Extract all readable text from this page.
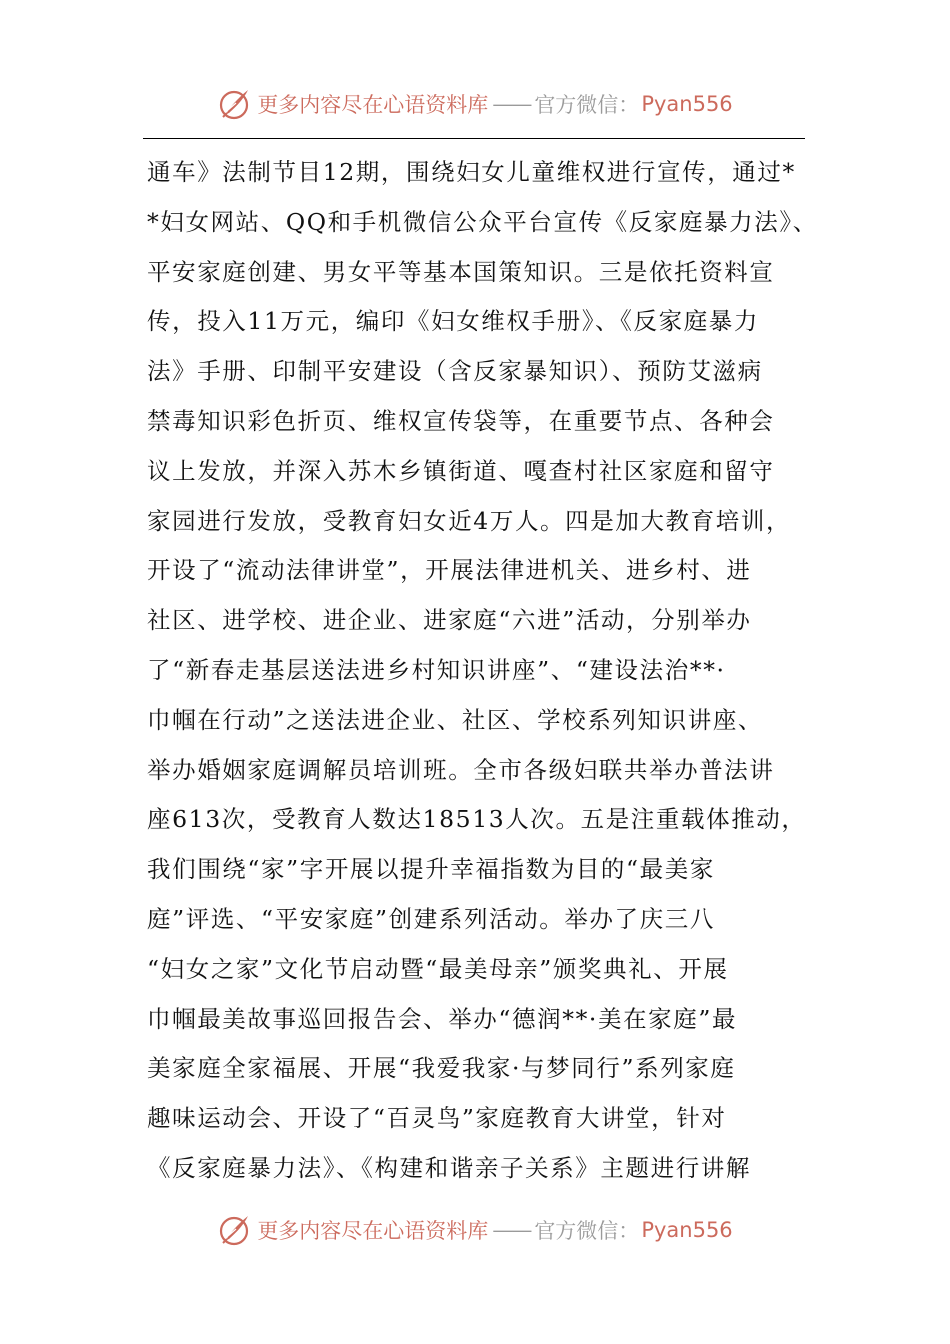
更多内容尽在心语资料库 —— 官方微信： Pyan556
通车》法制节目12期，围绕妇女儿童维权进行宣传，通过*
*妇女网站、QQ和手机微信公众平台宣传《反家庭暴力法》、
平安家庭创建、男女平等基本国策知识。三是依托资料宣
传，投入11万元，编印《妇女维权手册》、《反家庭暴力
法》手册、印制平安建设（含反家暴知识）、预防艾滋病
禁毒知识彩色折页、维权宣传袋等，在重要节点、各种会
议上发放，并深入苏木乡镇街道、嘎查村社区家庭和留守
家园进行发放，受教育妇女近4万人。四是加大教育培训，
开设了“流动法律讲堂”，开展法律进机关、进乡村、进
社区、进学校、进企业、进家庭“六进”活动，分别举办
了“新春走基层送法进乡村知识讲座”、“建设法治**·
巾帼在行动”之送法进企业、社区、学校系列知识讲座、
举办婚姻家庭调解员培训班。全市各级妇联共举办普法讲
座613次，受教育人数达18513人次。五是注重载体推动，
我们围绕“家”字开展以提升幸福指数为目的“最美家
庭”评选、“平安家庭”创建系列活动。举办了庆三八
“妇女之家”文化节启动暨“最美母亲”颁奖典礼、开展
巾帼最美故事巡回报告会、举办“德润**·美在家庭”最
美家庭全家福展、开展“我爱我家·与梦同行”系列家庭
趣味运动会、开设了“百灵鸟”家庭教育大讲堂，针对
《反家庭暴力法》、《构建和谐亲子关系》主题进行讲解
更多内容尽在心语资料库 —— 官方微信： Pyan556
